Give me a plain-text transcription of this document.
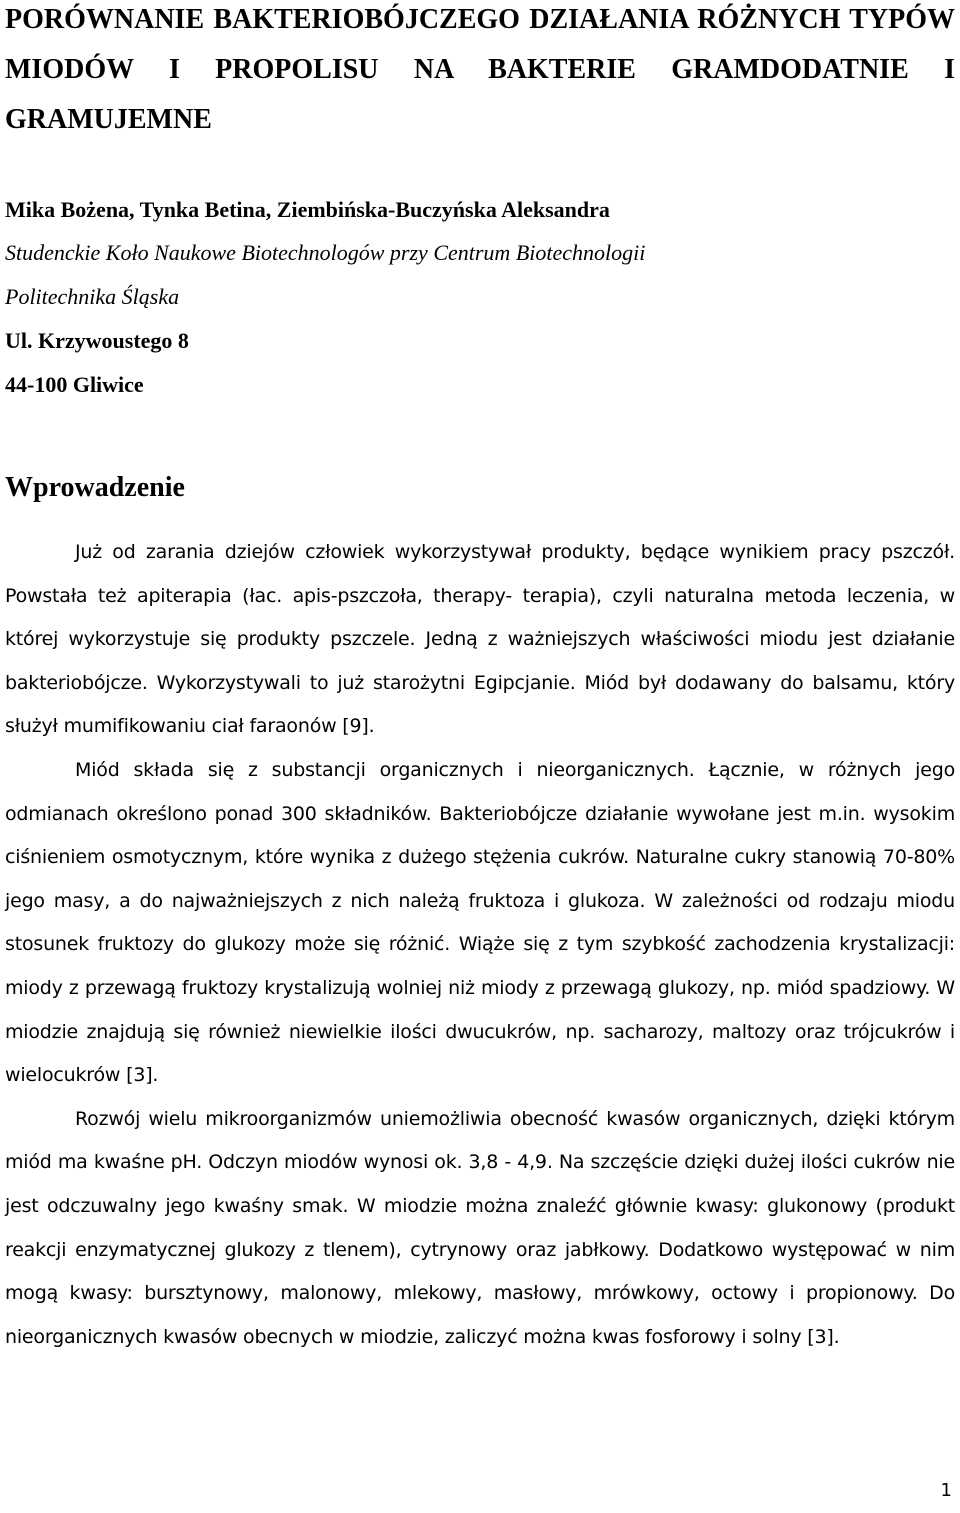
PORÓWNANIE BAKTERIOBÓJCZEGO DZIAŁANIA RÓŻNYCH TYPÓW MIODÓW I PROPOLISU NA BAKTERIE GRAMDODATNIE I GRAMUJEMNE
Mika Bożena, Tynka Betina, Ziembińska-Buczyńska Aleksandra
Studenckie Koło Naukowe Biotechnologów przy Centrum Biotechnologii
Politechnika Śląska
Ul. Krzywoustego 8
44-100 Gliwice
Wprowadzenie

Już od zarania dziejów człowiek wykorzystywał produkty, będące wynikiem pracy pszczół. Powstała też apiterapia (łac. apis-pszczoła, therapy- terapia), czyli naturalna metoda leczenia, w której wykorzystuje się produkty pszczele. Jedną z ważniejszych właściwości miodu jest działanie bakteriobójcze. Wykorzystywali to już starożytni Egipcjanie. Miód był dodawany do balsamu, który służył mumifikowaniu ciał faraonów [9].

Miód składa się z substancji organicznych i nieorganicznych. Łącznie, w różnych jego odmianach określono ponad 300 składników. Bakteriobójcze działanie wywołane jest m.in. wysokim ciśnieniem osmotycznym, które wynika z dużego stężenia cukrów. Naturalne cukry stanowią 70-80% jego masy, a do najważniejszych z nich należą fruktoza i glukoza. W zależności od rodzaju miodu stosunek fruktozy do glukozy może się różnić. Wiąże się z tym szybkość zachodzenia krystalizacji: miody z przewagą fruktozy krystalizują wolniej niż miody z przewagą glukozy, np. miód spadziowy. W miodzie znajdują się również niewielkie ilości dwucukrów, np. sacharozy, maltozy oraz trójcukrów i wielocukrów [3].

Rozwój wielu mikroorganizmów uniemożliwia obecność kwasów organicznych, dzięki którym miód ma kwaśne pH. Odczyn miodów wynosi ok. 3,8 - 4,9. Na szczęście dzięki dużej ilości cukrów nie jest odczuwalny jego kwaśny smak. W miodzie można znaleźć głównie kwasy: glukonowy (produkt reakcji enzymatycznej glukozy z tlenem), cytrynowy oraz jabłkowy. Dodatkowo występować w nim mogą kwasy: bursztynowy, malonowy, mlekowy, masłowy, mrówkowy, octowy i propionowy. Do nieorganicznych kwasów obecnych w miodzie, zaliczyć można kwas fosforowy i solny [3].

1
